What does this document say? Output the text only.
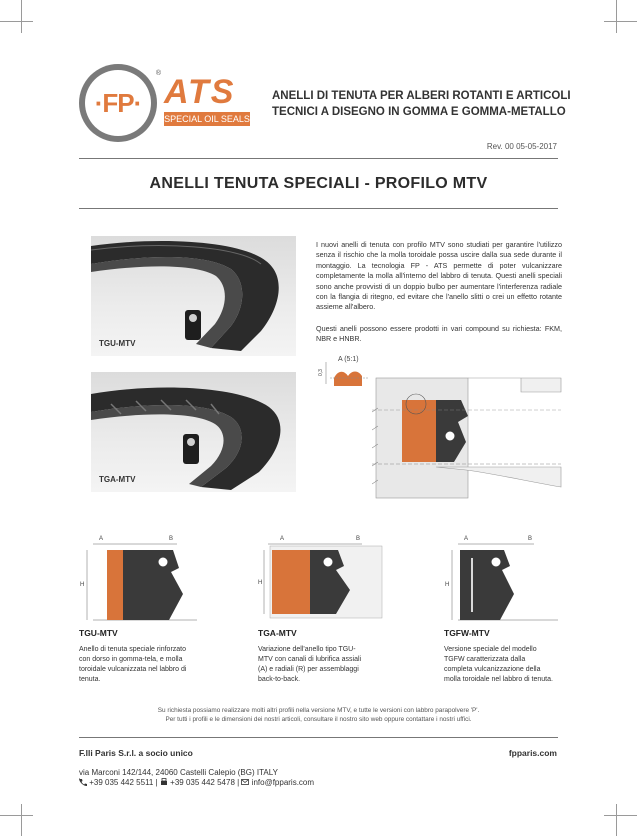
·FP·
® ATS
SPECIAL OIL SEALS
ANELLI DI TENUTA PER ALBERI ROTANTI E ARTICOLI
TECNICI A DISEGNO IN GOMMA E GOMMA-METALLO
Rev. 00 05-05-2017
ANELLI TENUTA SPECIALI - PROFILO MTV
TGU-MTV
TGA-MTV
I nuovi anelli di tenuta con profilo MTV sono studiati per garantire l'utilizzo senza il rischio che la molla toroidale possa uscire dalla sua sede durante il montaggio. La tecnologia FP - ATS permette di poter vulcanizzare completamente la molla all'interno del labbro di tenuta. Questi anelli speciali sono anche provvisti di un doppio bulbo per aumentare l'interferenza radiale con la flangia di ritegno, ed evitare che l'anello slitti o crei un effetto rotante assieme all'albero.
Questi anelli possono essere prodotti in vari compound su richiesta: FKM, NBR e HNBR.
A (5:1)
0,3
A	B
H
A	B
H
A	B
H
TGU-MTV
Anello di tenuta speciale rinforzato con dorso in gomma-tela, e molla toroidale vulcanizzata nel labbro di tenuta.
TGA-MTV
Variazione dell'anello tipo TGU-MTV con canali di lubrifica assiali (A) e radiali (R) per assemblaggi back-to-back.
TGFW-MTV
Versione speciale del modello TGFW caratterizzata dalla completa vulcanizzazione della molla toroidale nel labbro di tenuta.
Su richiesta possiamo realizzare molti altri profili nella versione MTV, e tutte le versioni con labbro parapolvere 'P'.
Per tutti i profili e le dimensioni dei nostri articoli, consultare il nostro sito web oppure contattare i nostri uffici.
F.lli Paris S.r.l. a socio unico	fpparis.com
via Marconi 142/144, 24060 Castelli Calepio (BG) ITALY
+39 035 442 5511 |  +39 035 442 5478 |  info@fpparis.com
